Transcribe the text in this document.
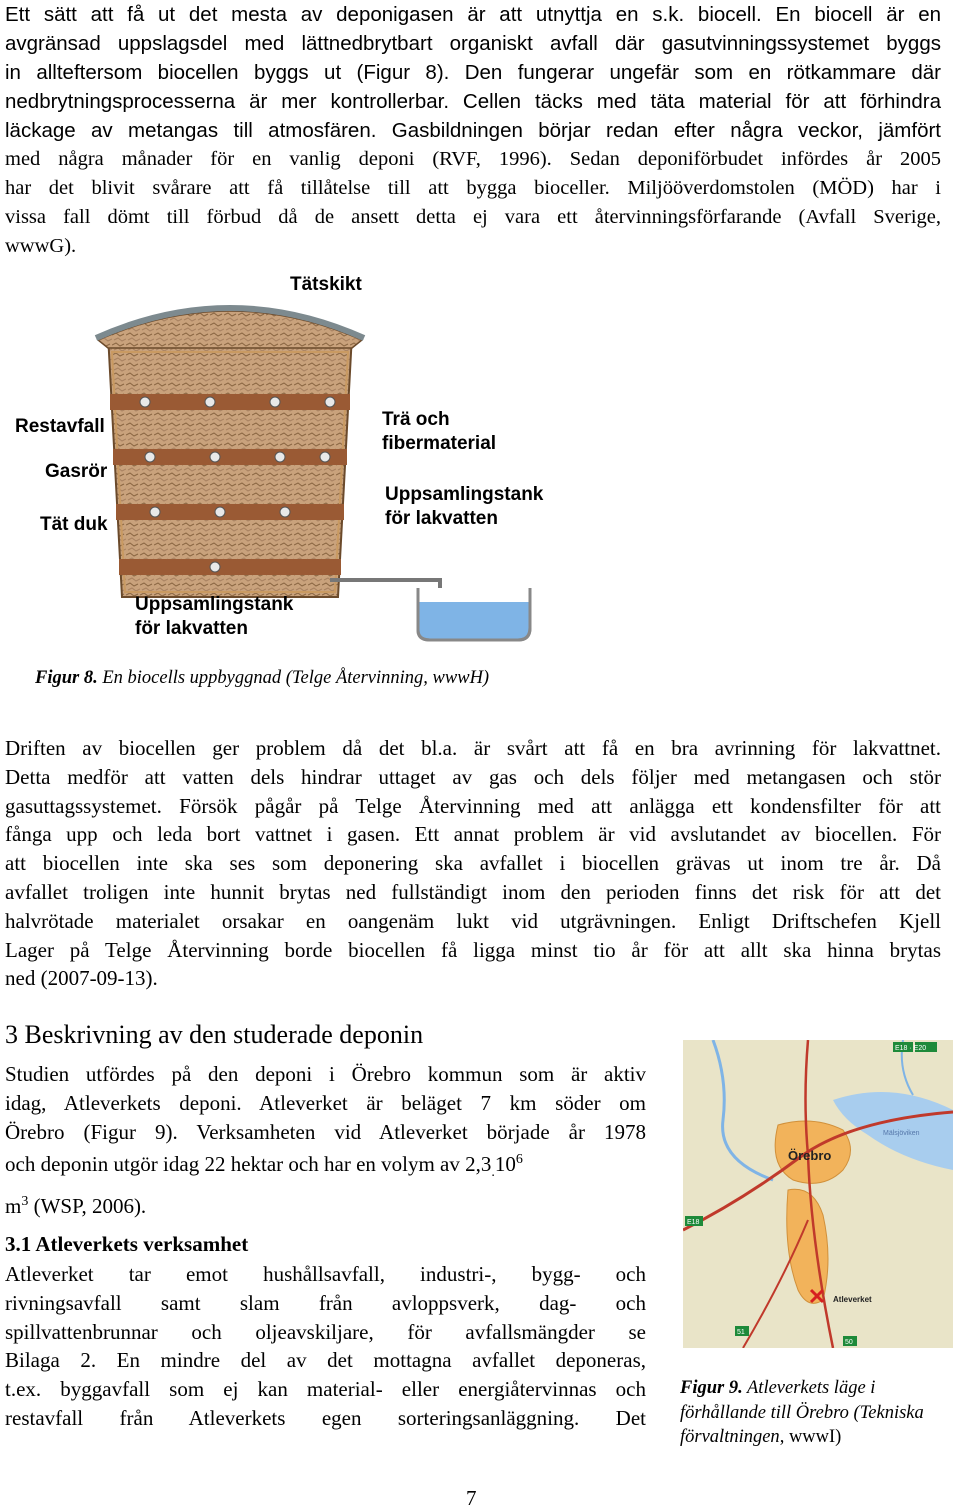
Ett sätt att få ut det mesta av deponigasen är att utnyttja en s.k. biocell. En biocell är en
avgränsad uppslagsdel med lättnedbrytbart organiskt avfall där gasutvinningssystemet byggs
in allteftersom biocellen byggs ut (Figur 8). Den fungerar ungefär som en rötkammare där
nedbrytningsprocesserna är mer kontrollerbar. Cellen täcks med täta material för att förhindra
läckage av metangas till atmosfären. Gasbildningen börjar redan efter några veckor, jämfört
med några månader för en vanlig deponi (RVF, 1996). Sedan deponiförbudet infördes år 2005
har det blivit svårare att få tillåtelse till att bygga bioceller. Miljööverdomstolen (MÖD) har i
vissa fall dömt till förbud då de ansett detta ej vara ett återvinningsförfarande (Avfall Sverige,
wwwG).
Tätskikt
Restavfall
Gasrör
Tät duk
Trä och
fibermaterial
Uppsamlingstank
för lakvatten
Uppsamlingstank
för lakvatten
Figur 8. En biocells uppbyggnad (Telge Återvinning, wwwH)
Driften av biocellen ger problem då det bl.a. är svårt att få en bra avrinning för lakvattnet.
Detta medför att vatten dels hindrar uttaget av gas och dels följer med metangasen och stör
gasuttagssystemet. Försök pågår på Telge Återvinning med att anlägga ett kondensfilter för att
fånga upp och leda bort vattnet i gasen. Ett annat problem är vid avslutandet av biocellen. För
att biocellen inte ska ses som deponering ska avfallet i biocellen grävas ut inom tre år. Då
avfallet troligen inte hunnit brytas ned fullständigt inom den perioden finns det risk för att det
halvrötade materialet orsakar en oangenäm lukt vid utgrävningen. Enligt Driftschefen Kjell
Lager på Telge Återvinning borde biocellen få ligga minst tio år för att allt ska hinna brytas
ned (2007-09-13).
3 Beskrivning av den studerade deponin
Studien utfördes på den deponi i Örebro kommun som är aktiv
idag, Atleverkets deponi. Atleverket är beläget 7 km söder om
Örebro (Figur 9). Verksamheten vid Atleverket började år 1978
och deponin utgör idag 22 hektar och har en volym av $2,3_.10^6$
$m^3$ (WSP, 2006).
3.1 Atleverkets verksamhet
Atleverket tar emot hushållsavfall, industri-, bygg- och
rivningsavfall samt slam från avloppsverk, dag- och
spillvattenbrunnar och oljeavskiljare, för avfallsmängder se
Bilaga 2. En mindre del av det mottagna avfallet deponeras,
t.ex. byggavfall som ej kan material- eller energiåtervinnas och
restavfall från Atleverkets egen sorteringsanläggning. Det
E18 · E20
E18
51
50
Mälsjöviken
Örebro
Atleverket
Figur 9. Atleverkets läge i
förhållande till Örebro (Tekniska
förvaltningen, wwwI)
7
